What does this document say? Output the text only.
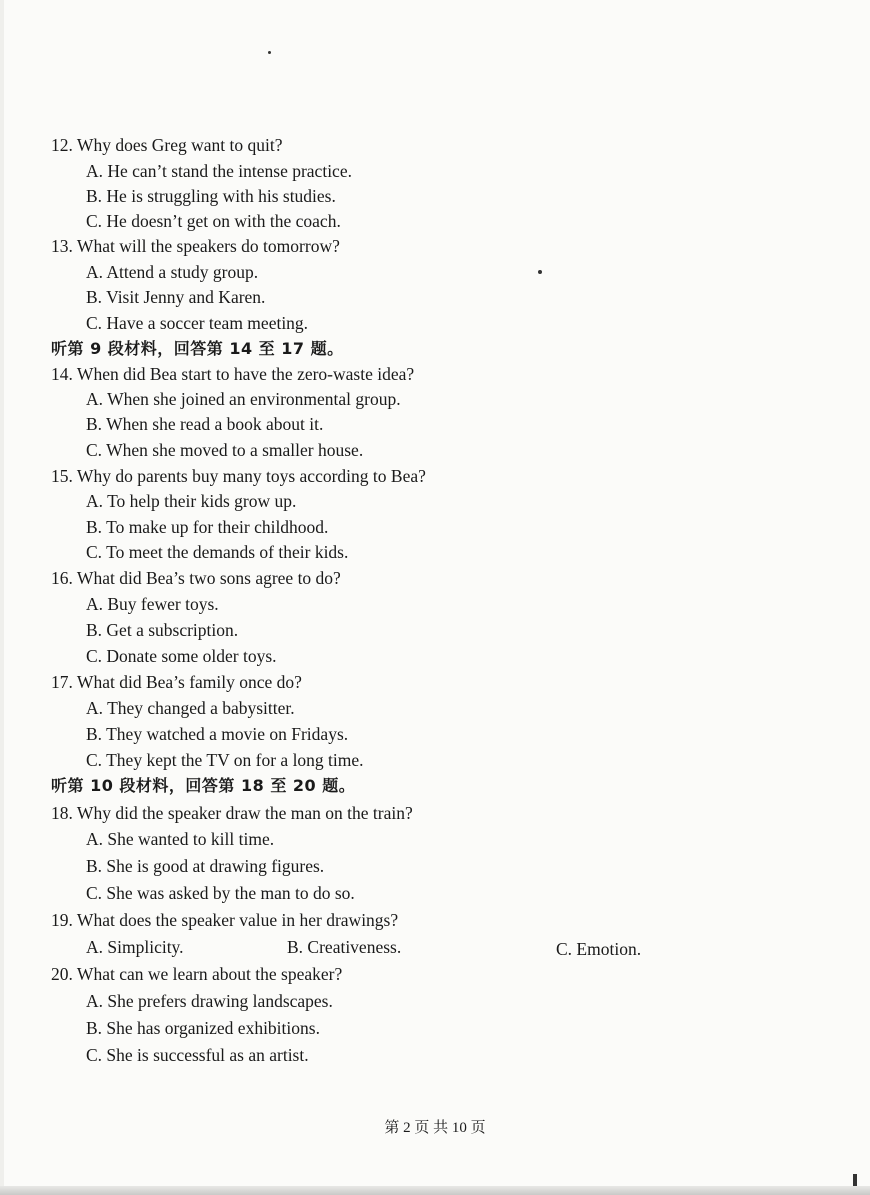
12. Why does Greg want to quit?
A. He can’t stand the intense practice.
B. He is struggling with his studies.
C. He doesn’t get on with the coach.
13. What will the speakers do tomorrow?
A. Attend a study group.
B. Visit Jenny and Karen.
C. Have a soccer team meeting.
听第 9 段材料，回答第 14 至 17 题。
14. When did Bea start to have the zero-waste idea?
A. When she joined an environmental group.
B. When she read a book about it.
C. When she moved to a smaller house.
15. Why do parents buy many toys according to Bea?
A. To help their kids grow up.
B. To make up for their childhood.
C. To meet the demands of their kids.
16. What did Bea’s two sons agree to do?
A. Buy fewer toys.
B. Get a subscription.
C. Donate some older toys.
17. What did Bea’s family once do?
A. They changed a babysitter.
B. They watched a movie on Fridays.
C. They kept the TV on for a long time.
听第 10 段材料，回答第 18 至 20 题。
18. Why did the speaker draw the man on the train?
A. She wanted to kill time.
B. She is good at drawing figures.
C. She was asked by the man to do so.
19. What does the speaker value in her drawings?
A. Simplicity.	B. Creativeness.	C. Emotion.
20. What can we learn about the speaker?
A. She prefers drawing landscapes.
B. She has organized exhibitions.
C. She is successful as an artist.
第 2 页 共 10 页
